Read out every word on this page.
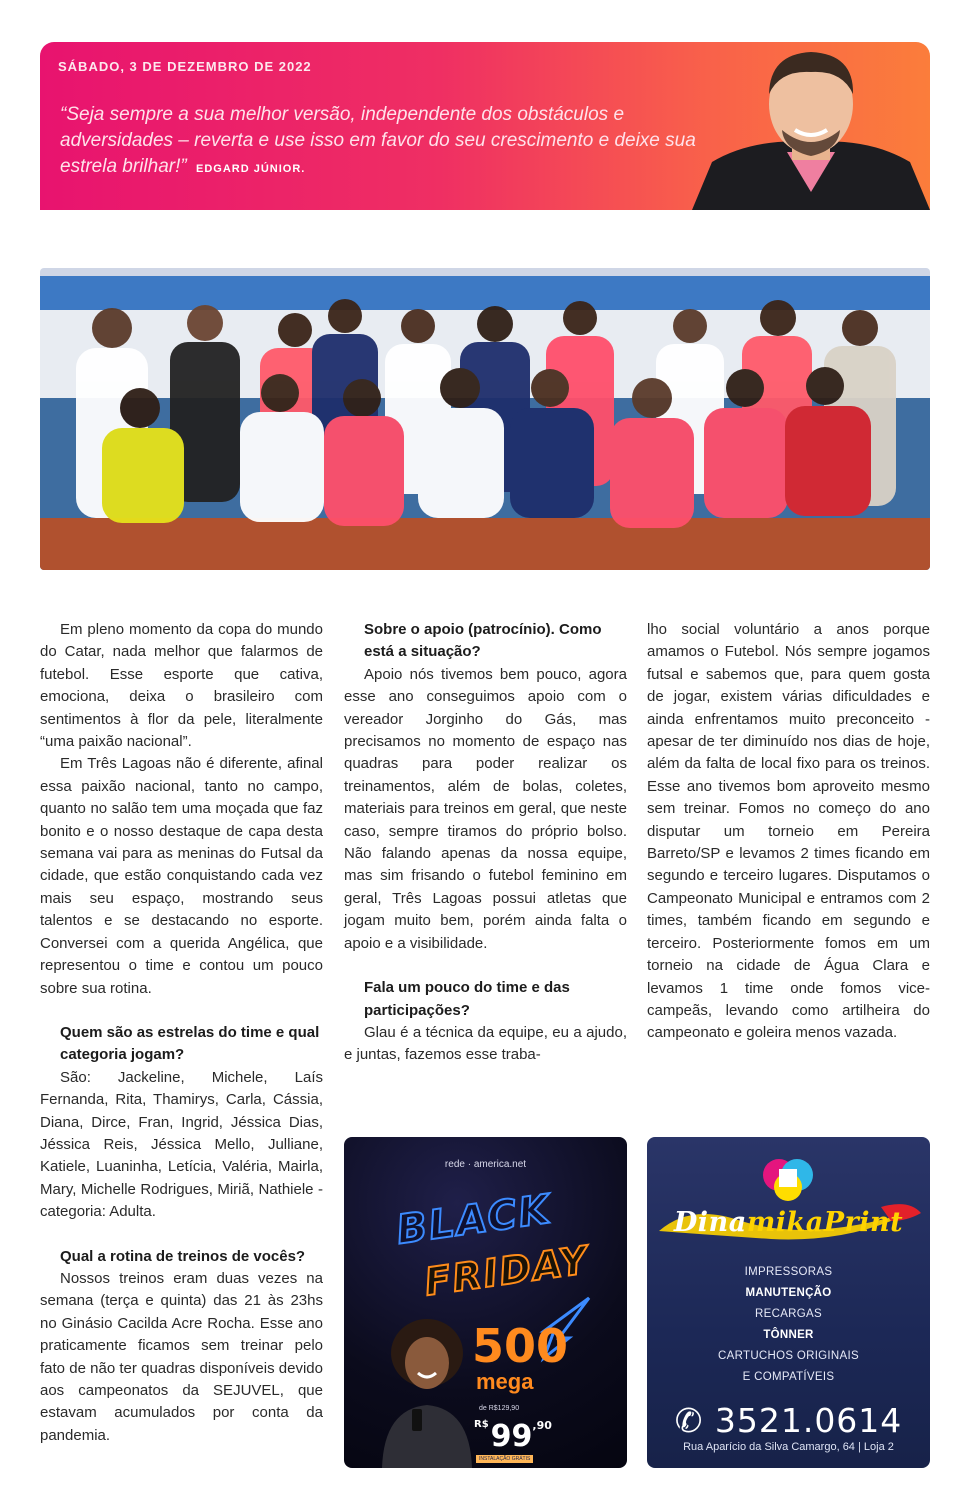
SÁBADO, 3 DE DEZEMBRO DE 2022
“Seja sempre a sua melhor versão, independente dos obstáculos e adversidades – reverta e use isso em favor do seu crescimento e deixe sua estrela brilhar!” EDGARD JÚNIOR.

Em pleno momento da copa do mundo do Catar, nada melhor que falarmos de futebol. Esse esporte que cativa, emociona, deixa o brasileiro com sentimentos à flor da pele, literalmente “uma paixão nacional”.

Em Três Lagoas não é diferente, afinal essa paixão nacional, tanto no campo, quanto no salão tem uma moçada que faz bonito e o nosso destaque de capa desta semana vai para as meninas do Futsal da cidade, que estão conquistando cada vez mais seu espaço, mostrando seus talentos e se destacando no esporte. Conversei com a querida Angélica, que representou o time e contou um pouco sobre sua rotina.

Quem são as estrelas do time e qual categoria jogam?

São: Jackeline, Michele, Laís Fernanda, Rita, Thamirys, Carla, Cássia, Diana, Dirce, Fran, Ingrid, Jéssica Dias, Jéssica Reis, Jéssica Mello, Julliane, Katiele, Luaninha, Letícia, Valéria, Mairla, Mary, Michelle Rodrigues, Miriã, Nathiele - categoria: Adulta.

Qual a rotina de treinos de vocês?

Nossos treinos eram duas vezes na semana (terça e quinta) das 21 às 23hs no Ginásio Cacilda Acre Rocha. Esse ano praticamente ficamos sem treinar pelo fato de não ter quadras disponíveis devido aos campeonatos da SEJUVEL, que estavam acumulados por conta da pandemia.

Sobre o apoio (patrocínio). Como está a situação?

Apoio nós tivemos bem pouco, agora esse ano conseguimos apoio com o vereador Jorginho do Gás, mas precisamos no momento de espaço nas quadras para poder realizar os treinamentos, além de bolas, coletes, materiais para treinos em geral, que neste caso, sempre tiramos do próprio bolso. Não falando apenas da nossa equipe, mas sim frisando o futebol feminino em geral, Três Lagoas possui atletas que jogam muito bem, porém ainda falta o apoio e a visibilidade.

Fala um pouco do time e das participações?

Glau é a técnica da equipe, eu a ajudo, e juntas, fazemos esse traba-

lho social voluntário a anos porque amamos o Futebol. Nós sempre jogamos futsal e sabemos que, para quem gosta de jogar, existem várias dificuldades e ainda enfrentamos muito preconceito - apesar de ter diminuído nos dias de hoje, além da falta de local fixo para os treinos. Esse ano tivemos bom aproveito mesmo sem treinar. Fomos no começo do ano disputar um torneio em Pereira Barreto/SP e levamos 2 times ficando em segundo e terceiro lugares. Disputamos o Campeonato Municipal e entramos com 2 times, também ficando em segundo e terceiro. Posteriormente fomos em um torneio na cidade de Água Clara e levamos 1 time onde fomos vice-campeãs, levando como artilheira do campeonato e goleira menos vazada.

rede · america.net
BLACK
FRIDAY
500
mega
de R$129,90
$^{R\$}99^{,90}$
INSTALAÇÃO GRÁTIS
DinamikaPrint
IMPRESSORAS
MANUTENÇÃO
RECARGAS
TÔNNER
CARTUCHOS ORIGINAIS
E COMPATÍVEIS
✆ 3521.0614
Rua Aparício da Silva Camargo, 64 | Loja 2
